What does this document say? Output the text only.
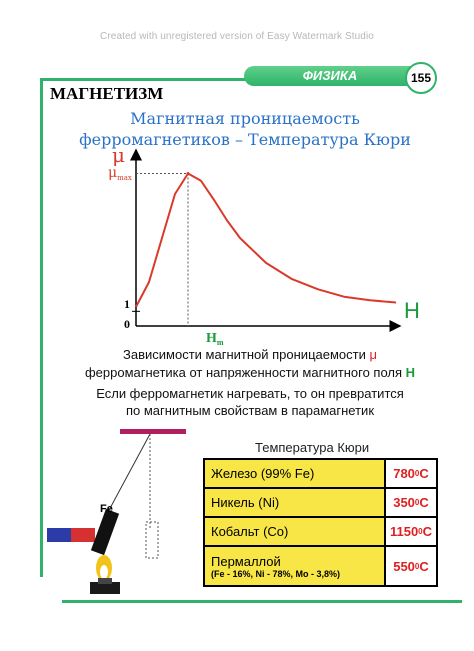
Created with unregistered version of Easy Watermark Studio
ФИЗИКА	155
МАГНЕТИЗМ
Магнитная проницаемость
ферромагнетиков – Температура Кюри
μ
H
$\mu_{max}$
1
0
$H_m$
Зависимости магнитной проницаемости μ
ферромагнетика от напряженности магнитного поля H
Если ферромагнетик нагревать, то он превратится
по магнитным свойствам в парамагнетик
Fe
Температура Кюри
Железо (99% Fe)	780 0 C
Никель (Ni)	350 0 C
Кобальт (Co)	1150 0 C
Пермаллой
(Fe - 16%, Ni - 78%, Mo - 3,8%)	550 0 C
